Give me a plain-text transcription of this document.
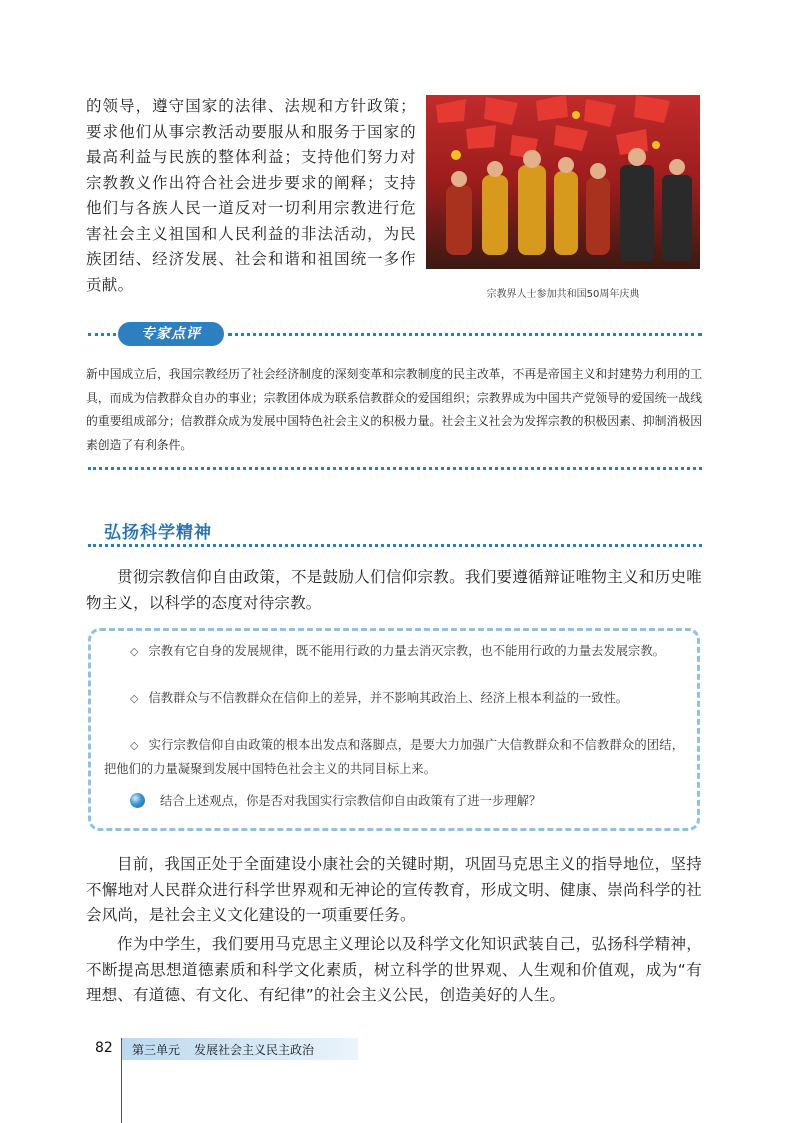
的领导，遵守国家的法律、法规和方针政策；要求他们从事宗教活动要服从和服务于国家的最高利益与民族的整体利益；支持他们努力对宗教教义作出符合社会进步要求的阐释；支持他们与各族人民一道反对一切利用宗教进行危害社会主义祖国和人民利益的非法活动，为民族团结、经济发展、社会和谐和祖国统一多作贡献。
宗教界人士参加共和国50周年庆典
专家点评
新中国成立后，我国宗教经历了社会经济制度的深刻变革和宗教制度的民主改革，不再是帝国主义和封建势力利用的工具，而成为信教群众自办的事业；宗教团体成为联系信教群众的爱国组织；宗教界成为中国共产党领导的爱国统一战线的重要组成部分；信教群众成为发展中国特色社会主义的积极力量。社会主义社会为发挥宗教的积极因素、抑制消极因素创造了有利条件。
弘扬科学精神
贯彻宗教信仰自由政策，不是鼓励人们信仰宗教。我们要遵循辩证唯物主义和历史唯物主义，以科学的态度对待宗教。
◇ 宗教有它自身的发展规律，既不能用行政的力量去消灭宗教，也不能用行政的力量去发展宗教。
◇ 信教群众与不信教群众在信仰上的差异，并不影响其政治上、经济上根本利益的一致性。
◇ 实行宗教信仰自由政策的根本出发点和落脚点，是要大力加强广大信教群众和不信教群众的团结，把他们的力量凝聚到发展中国特色社会主义的共同目标上来。
结合上述观点，你是否对我国实行宗教信仰自由政策有了进一步理解？
目前，我国正处于全面建设小康社会的关键时期，巩固马克思主义的指导地位，坚持不懈地对人民群众进行科学世界观和无神论的宣传教育，形成文明、健康、崇尚科学的社会风尚，是社会主义文化建设的一项重要任务。
作为中学生，我们要用马克思主义理论以及科学文化知识武装自己，弘扬科学精神，不断提高思想道德素质和科学文化素质，树立科学的世界观、人生观和价值观，成为“有理想、有道德、有文化、有纪律”的社会主义公民，创造美好的人生。
82 第三单元 发展社会主义民主政治
